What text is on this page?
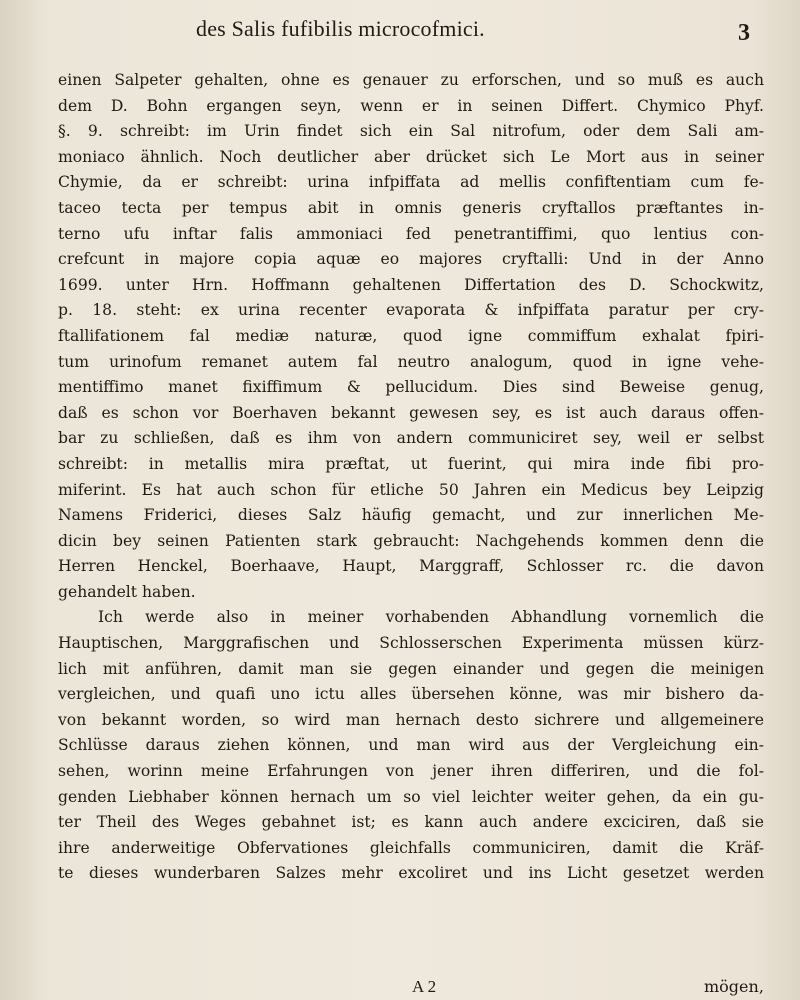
des Salis fufibilis microcofmici.	3
einen Salpeter gehalten, ohne es genauer zu erforschen, und so muß es auch
dem D. Bohn ergangen seyn, wenn er in seinen Differt. Chymico Phyf.
§. 9. schreibt: im Urin findet sich ein Sal nitrofum, oder dem Sali am-
moniaco ähnlich. Noch deutlicher aber drücket sich Le Mort aus in seiner
Chymie, da er schreibt: urina infpiffata ad mellis confiftentiam cum fe-
taceo tecta per tempus abit in omnis generis cryftallos præftantes in-
terno ufu inftar falis ammoniaci fed penetrantiffimi, quo lentius con-
crefcunt in majore copia aquæ eo majores cryftalli: Und in der Anno
1699. unter Hrn. Hoffmann gehaltenen Differtation des D. Schockwitz,
p. 18. steht: ex urina recenter evaporata & infpiffata paratur per cry-
ftallifationem fal mediæ naturæ, quod igne commiffum exhalat fpiri-
tum urinofum remanet autem fal neutro analogum, quod in igne vehe-
mentiffimo manet fixiffimum & pellucidum. Dies sind Beweise genug,
daß es schon vor Boerhaven bekannt gewesen sey, es ist auch daraus offen-
bar zu schließen, daß es ihm von andern communiciret sey, weil er selbst
schreibt: in metallis mira præftat, ut fuerint, qui mira inde fibi pro-
miferint. Es hat auch schon für etliche 50 Jahren ein Medicus bey Leipzig
Namens Friderici, dieses Salz häufig gemacht, und zur innerlichen Me-
dicin bey seinen Patienten stark gebraucht: Nachgehends kommen denn die
Herren Henckel, Boerhaave, Haupt, Marggraff, Schlosser rc. die davon
gehandelt haben.
Ich werde also in meiner vorhabenden Abhandlung vornemlich die
Hauptischen, Marggrafischen und Schlosserschen Experimenta müssen kürz-
lich mit anführen, damit man sie gegen einander und gegen die meinigen
vergleichen, und quafi uno ictu alles übersehen könne, was mir bishero da-
von bekannt worden, so wird man hernach desto sichrere und allgemeinere
Schlüsse daraus ziehen können, und man wird aus der Vergleichung ein-
sehen, worinn meine Erfahrungen von jener ihren differiren, und die fol-
genden Liebhaber können hernach um so viel leichter weiter gehen, da ein gu-
ter Theil des Weges gebahnet ist; es kann auch andere exciciren, daß sie
ihre anderweitige Obfervationes gleichfalls communiciren, damit die Kräf-
te dieses wunderbaren Salzes mehr excoliret und ins Licht gesetzet werden
A 2	mögen,
